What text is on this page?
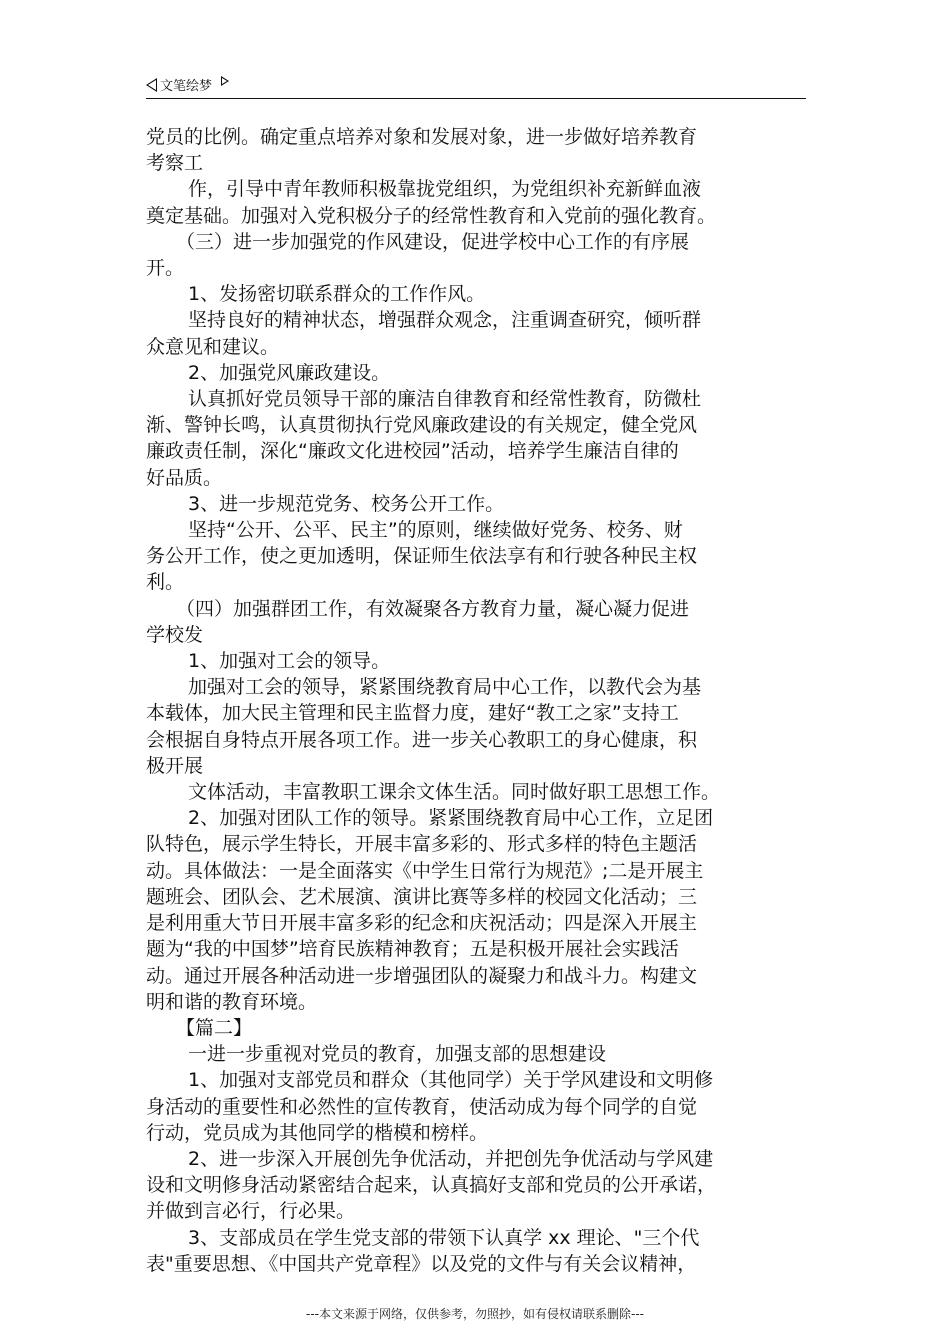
文笔绘梦

党员的比例。确定重点培养对象和发展对象，进一步做好培养教育

考察工

作，引导中青年教师积极靠拢党组织，为党组织补充新鲜血液

奠定基础。加强对入党积极分子的经常性教育和入党前的强化教育。

（三）进一步加强党的作风建设，促进学校中心工作的有序展

开。

1、发扬密切联系群众的工作作风。

坚持良好的精神状态，增强群众观念，注重调查研究，倾听群

众意见和建议。

2、加强党风廉政建设。

认真抓好党员领导干部的廉洁自律教育和经常性教育，防微杜

渐、警钟长鸣，认真贯彻执行党风廉政建设的有关规定，健全党风

廉政责任制，深化“廉政文化进校园”活动，培养学生廉洁自律的

好品质。

3、进一步规范党务、校务公开工作。

坚持“公开、公平、民主”的原则，继续做好党务、校务、财

务公开工作，使之更加透明，保证师生依法享有和行驶各种民主权

利。

（四）加强群团工作，有效凝聚各方教育力量，凝心凝力促进

学校发

1、加强对工会的领导。

加强对工会的领导，紧紧围绕教育局中心工作，以教代会为基

本载体，加大民主管理和民主监督力度，建好“教工之家”支持工

会根据自身特点开展各项工作。进一步关心教职工的身心健康，积

极开展

文体活动，丰富教职工课余文体生活。同时做好职工思想工作。

2、加强对团队工作的领导。紧紧围绕教育局中心工作，立足团

队特色，展示学生特长，开展丰富多彩的、形式多样的特色主题活

动。具体做法：一是全面落实《中学生日常行为规范》;二是开展主

题班会、团队会、艺术展演、演讲比赛等多样的校园文化活动；三

是利用重大节日开展丰富多彩的纪念和庆祝活动；四是深入开展主

题为“我的中国梦”培育民族精神教育；五是积极开展社会实践活

动。通过开展各种活动进一步增强团队的凝聚力和战斗力。构建文

明和谐的教育环境。

【篇二】

一进一步重视对党员的教育，加强支部的思想建设

1、加强对支部党员和群众（其他同学）关于学风建设和文明修

身活动的重要性和必然性的宣传教育，使活动成为每个同学的自觉

行动，党员成为其他同学的楷模和榜样。

2、进一步深入开展创先争优活动，并把创先争优活动与学风建

设和文明修身活动紧密结合起来，认真搞好支部和党员的公开承诺，

并做到言必行，行必果。

3、支部成员在学生党支部的带领下认真学 xx 理论、"三个代

表"重要思想、《中国共产党章程》以及党的文件与有关会议精神，

---本文来源于网络，仅供参考，勿照抄，如有侵权请联系删除---
